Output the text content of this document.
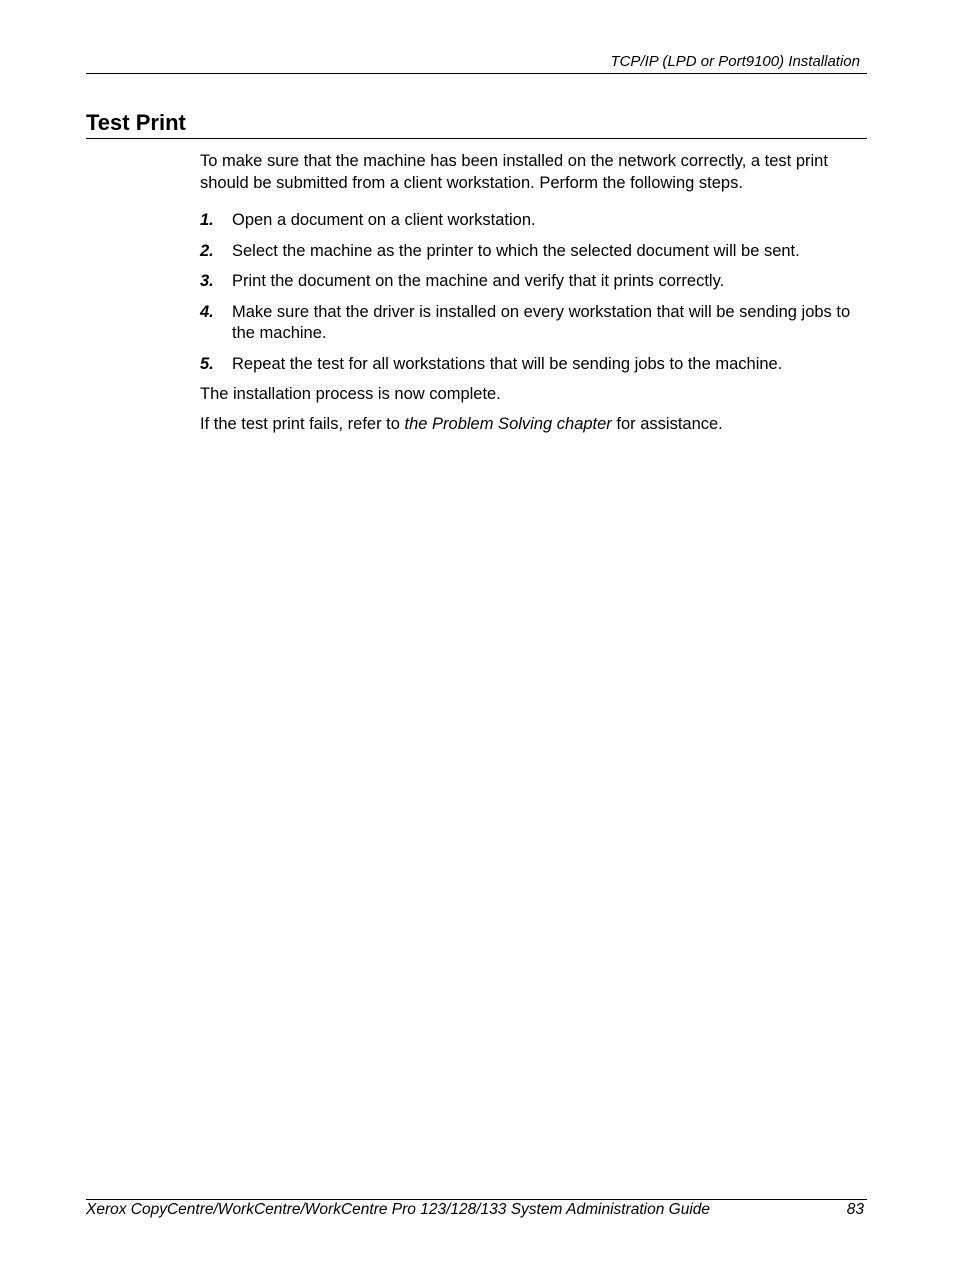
TCP/IP (LPD or Port9100) Installation
Test Print

To make sure that the machine has been installed on the network correctly, a test print should be submitted from a client workstation. Perform the following steps.

1.	Open a document on a client workstation.
2.	Select the machine as the printer to which the selected document will be sent.
3.	Print the document on the machine and verify that it prints correctly.
4.	Make sure that the driver is installed on every workstation that will be sending jobs to the machine.
5.	Repeat the test for all workstations that will be sending jobs to the machine.

The installation process is now complete.

If the test print fails, refer to the Problem Solving chapter for assistance.

Xerox CopyCentre/WorkCentre/WorkCentre Pro 123/128/133 System Administration Guide	83
